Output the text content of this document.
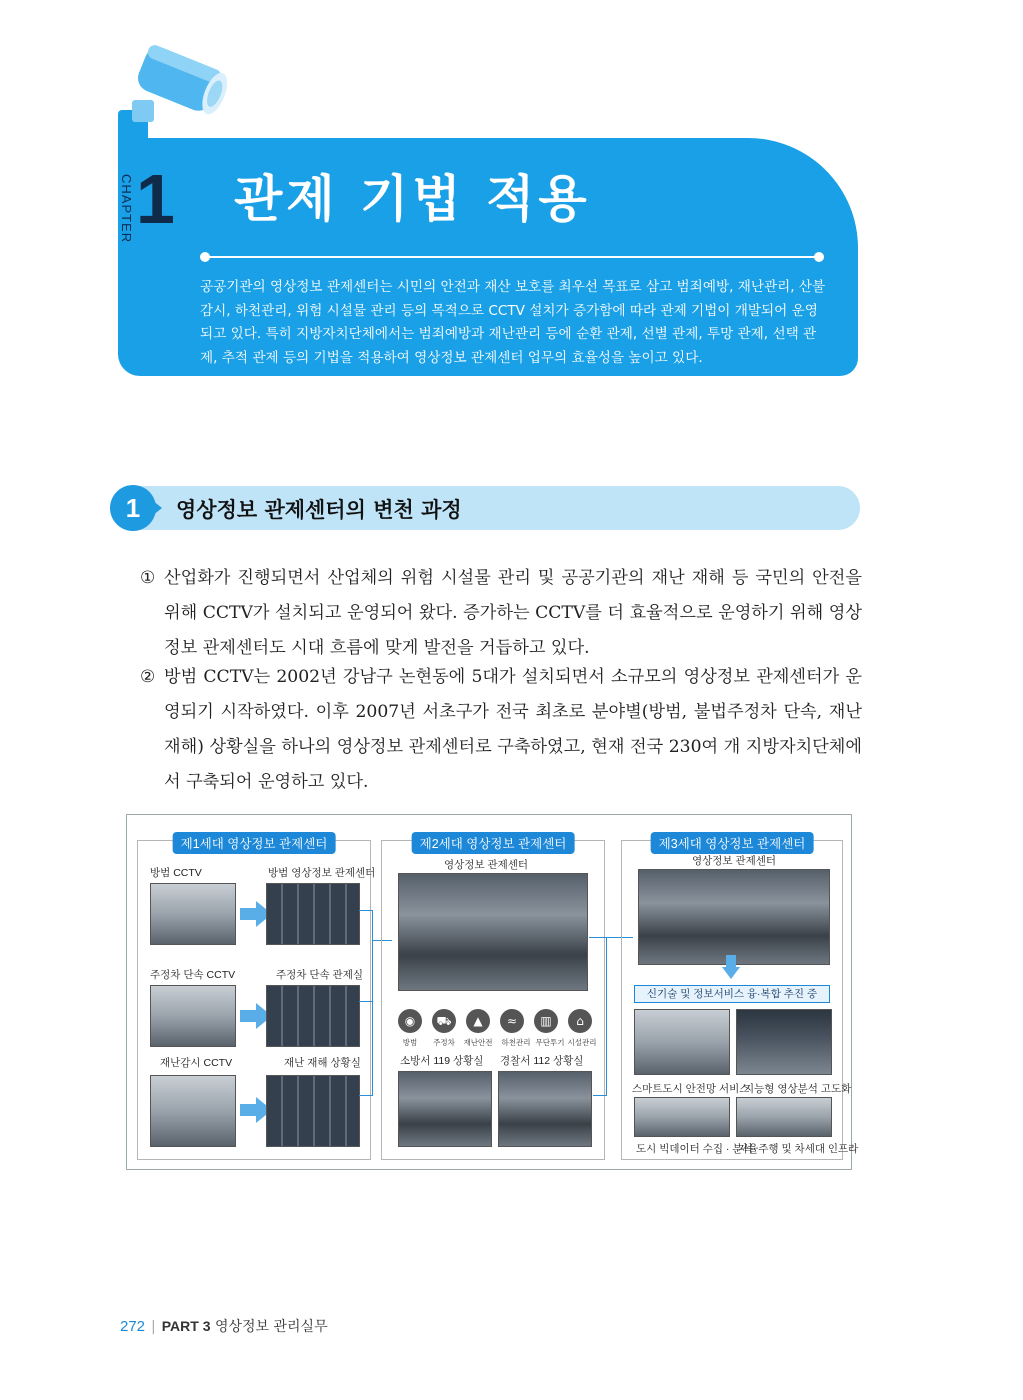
CHAPTER 1 관제 기법 적용

공공기관의 영상정보 관제센터는 시민의 안전과 재산 보호를 최우선 목표로 삼고 범죄예방, 재난관리, 산불감시, 하천관리, 위험 시설물 관리 등의 목적으로 CCTV 설치가 증가함에 따라 관제 기법이 개발되어 운영되고 있다. 특히 지방자치단체에서는 범죄예방과 재난관리 등에 순환 관제, 선별 관제, 투망 관제, 선택 관제, 추적 관제 등의 기법을 적용하여 영상정보 관제센터 업무의 효율성을 높이고 있다.

1	영상정보 관제센터의 변천 과정
① 산업화가 진행되면서 산업체의 위험 시설물 관리 및 공공기관의 재난 재해 등 국민의 안전을 위해 CCTV가 설치되고 운영되어 왔다. 증가하는 CCTV를 더 효율적으로 운영하기 위해 영상정보 관제센터도 시대 흐름에 맞게 발전을 거듭하고 있다.
② 방범 CCTV는 2002년 강남구 논현동에 5대가 설치되면서 소규모의 영상정보 관제센터가 운영되기 시작하였다. 이후 2007년 서초구가 전국 최초로 분야별(방범, 불법주정차 단속, 재난 재해) 상황실을 하나의 영상정보 관제센터로 구축하였고, 현재 전국 230여 개 지방자치단체에서 구축되어 운영하고 있다.
제1세대 영상정보 관제센터
방범 CCTV	방범 영상정보 관제센터
주정차 단속 CCTV	주정차 단속 관제실
재난감시 CCTV	재난 재해 상황실
제2세대 영상정보 관제센터
영상정보 관제센터
◉
방범
⛟
주정차
▲
재난안전
≈
하천관리
▥
무단투기
⌂
시설관리
소방서 119 상황실 경찰서 112 상황실
제3세대 영상정보 관제센터
영상정보 관제센터
신기술 및 정보서비스 융·복합 추진 중
스마트도시 안전망 서비스
지능형 영상분석 고도화
도시 빅데이터 수집 · 분석
자율주행 및 차세대 인프라
272 | PART 3 영상정보 관리실무
